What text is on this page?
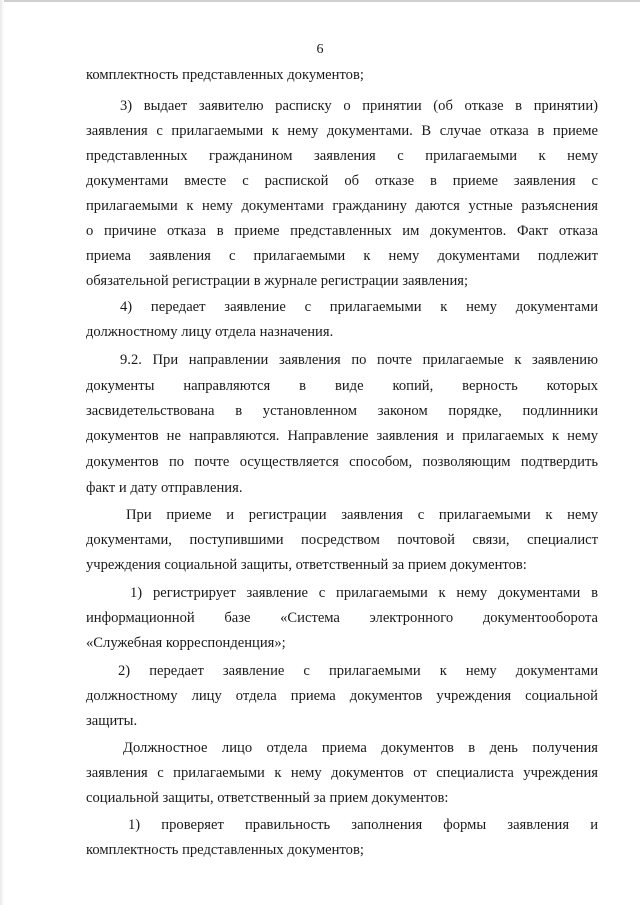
6
комплектность представленных документов;
3) выдает заявителю расписку о принятии (об отказе в принятии)
заявления с прилагаемыми к нему документами. В случае отказа в приеме
представленных гражданином заявления с прилагаемыми к нему
документами вместе с распиской об отказе в приеме заявления с
прилагаемыми к нему документами гражданину даются устные разъяснения
о причине отказа в приеме представленных им документов. Факт отказа
приема заявления с прилагаемыми к нему документами подлежит
обязательной регистрации в журнале регистрации заявления;
4) передает заявление с прилагаемыми к нему документами
должностному лицу отдела назначения.
9.2. При направлении заявления по почте прилагаемые к заявлению
документы направляются в виде копий, верность которых
засвидетельствована в установленном законом порядке, подлинники
документов не направляются. Направление заявления и прилагаемых к нему
документов по почте осуществляется способом, позволяющим подтвердить
факт и дату отправления.
При приеме и регистрации заявления с прилагаемыми к нему
документами, поступившими посредством почтовой связи, специалист
учреждения социальной защиты, ответственный за прием документов:
1) регистрирует заявление с прилагаемыми к нему документами в
информационной базе «Система электронного документооборота
«Служебная корреспонденция»;
2) передает заявление с прилагаемыми к нему документами
должностному лицу отдела приема документов учреждения социальной
защиты.
Должностное лицо отдела приема документов в день получения
заявления с прилагаемыми к нему документов от специалиста учреждения
социальной защиты, ответственный за прием документов:
1) проверяет правильность заполнения формы заявления и
комплектность представленных документов;
